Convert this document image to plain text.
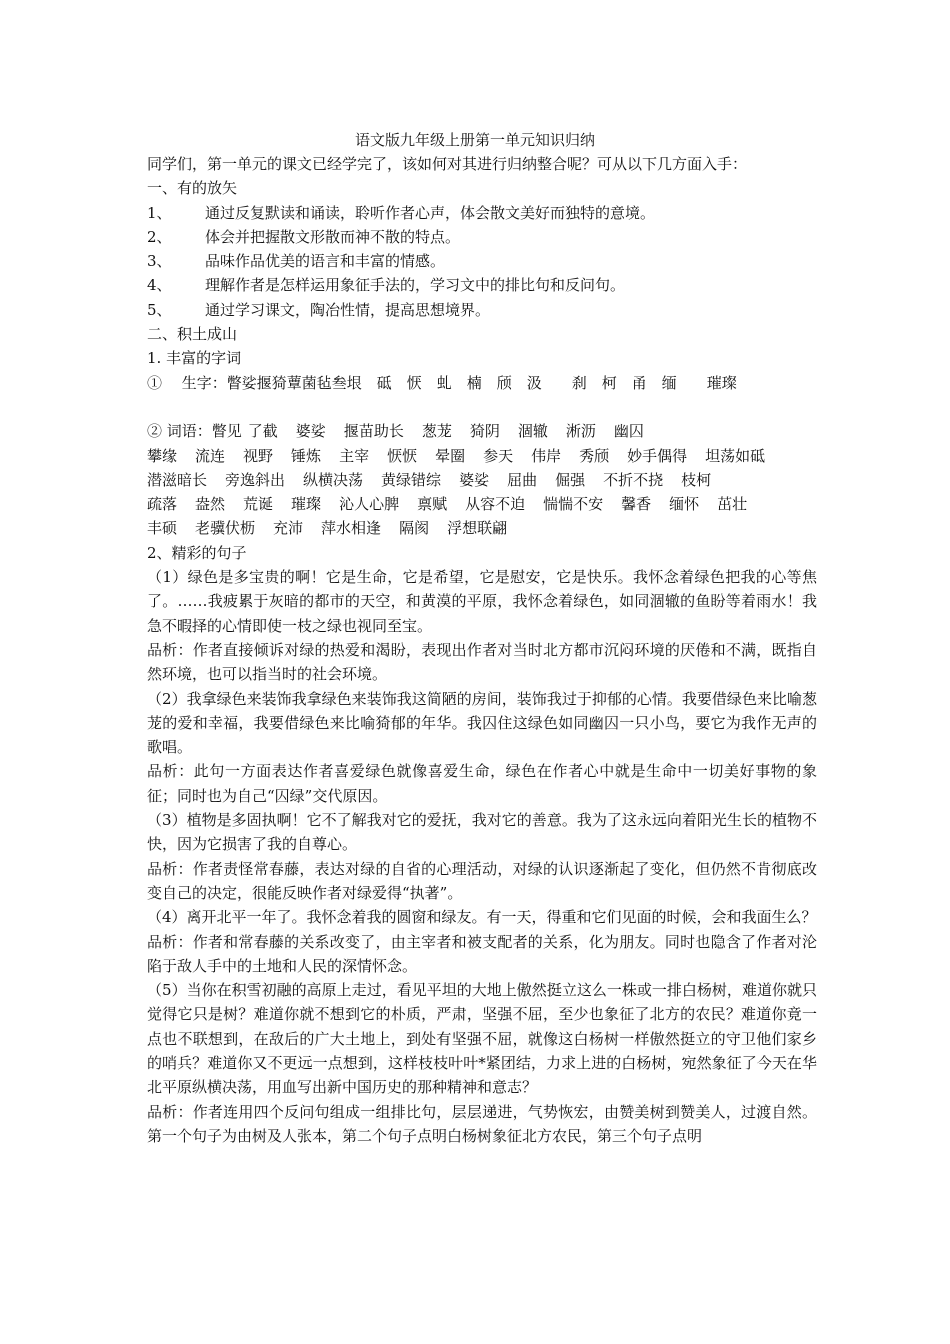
语文版九年级上册第一单元知识归纳
同学们，第一单元的课文已经学完了，该如何对其进行归纳整合呢？可从以下几方面入手：
一、有的放矢
1、 通过反复默读和诵读，聆听作者心声，体会散文美好而独特的意境。
2、 体会并把握散文形散而神不散的特点。
3、 品味作品优美的语言和丰富的情感。
4、 理解作者是怎样运用象征手法的，学习文中的排比句和反问句。
5、 通过学习课文，陶冶性情，提高思想境界。
二、积土成山
1. 丰富的字词
①　 生字：瞥娑揠猗蕈菌毡叁垠　砥　恹　虬　楠　颀　汲　　刹　柯　甬　缅　　璀璨
② 词语：瞥见 了截 婆娑 揠苗助长 葱茏 猗阴 涸辙 淅沥 幽囚
攀缘 流连 视野 锤炼 主宰 恹恹 晕圈 参天 伟岸 秀颀 妙手偶得 坦荡如砥
潜滋暗长 旁逸斜出 纵横决荡 黄绿错综 婆娑 屈曲 倔强 不折不挠 枝柯
疏落 盎然 荒诞 璀璨 沁人心脾 禀赋 从容不迫 惴惴不安 馨香 缅怀 茁壮
丰硕 老骥伏枥 充沛 萍水相逢 隔阂 浮想联翩
2、精彩的句子
（1）绿色是多宝贵的啊！它是生命，它是希望，它是慰安，它是快乐。我怀念着绿色把我的心等焦了。……我疲累于灰暗的都市的天空，和黄漠的平原，我怀念着绿色，如同涸辙的鱼盼等着雨水！我急不暇择的心情即使一枝之绿也视同至宝。
品析：作者直接倾诉对绿的热爱和渴盼，表现出作者对当时北方都市沉闷环境的厌倦和不满，既指自然环境，也可以指当时的社会环境。
（2）我拿绿色来装饰我拿绿色来装饰我这简陋的房间，装饰我过于抑郁的心情。我要借绿色来比喻葱茏的爱和幸福，我要借绿色来比喻猗郁的年华。我囚住这绿色如同幽囚一只小鸟，要它为我作无声的歌唱。
品析：此句一方面表达作者喜爱绿色就像喜爱生命，绿色在作者心中就是生命中一切美好事物的象征；同时也为自己“囚绿”交代原因。
（3）植物是多固执啊！它不了解我对它的爱抚，我对它的善意。我为了这永远向着阳光生长的植物不快，因为它损害了我的自尊心。
品析：作者责怪常春藤，表达对绿的自省的心理活动，对绿的认识逐渐起了变化，但仍然不肯彻底改变自己的决定，很能反映作者对绿爱得“执著”。
（4）离开北平一年了。我怀念着我的圆窗和绿友。有一天，得重和它们见面的时候，会和我面生么？
品析：作者和常春藤的关系改变了，由主宰者和被支配者的关系，化为朋友。同时也隐含了作者对沦陷于敌人手中的土地和人民的深情怀念。
（5）当你在积雪初融的高原上走过，看见平坦的大地上傲然挺立这么一株或一排白杨树，难道你就只觉得它只是树？难道你就不想到它的朴质，严肃，坚强不屈，至少也象征了北方的农民？难道你竟一点也不联想到，在敌后的广大土地上，到处有坚强不屈，就像这白杨树一样傲然挺立的守卫他们家乡的哨兵？难道你又不更远一点想到，这样枝枝叶叶*紧团结，力求上进的白杨树，宛然象征了今天在华北平原纵横决荡，用血写出新中国历史的那种精神和意志？
品析：作者连用四个反问句组成一组排比句，层层递进，气势恢宏，由赞美树到赞美人，过渡自然。第一个句子为由树及人张本，第二个句子点明白杨树象征北方农民，第三个句子点明
